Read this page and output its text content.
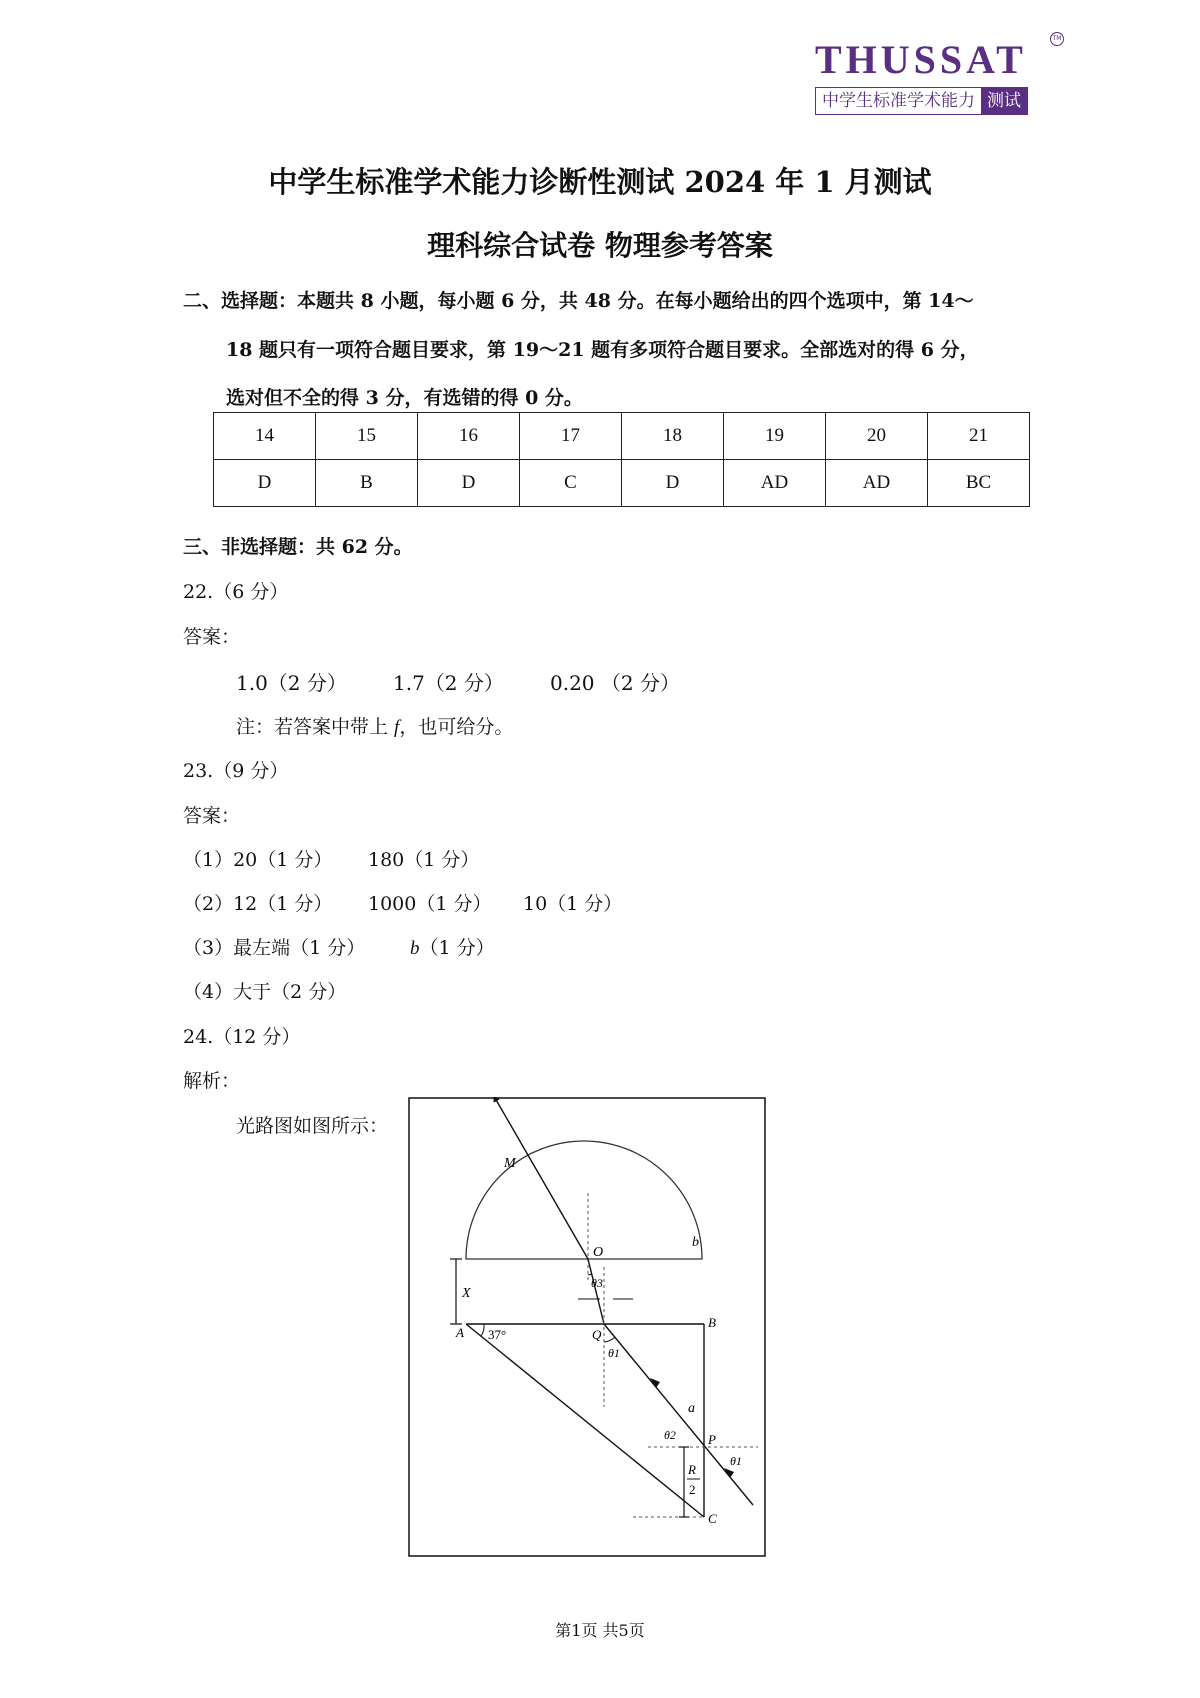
THUSSAT	TM
中学生标准学术能力 测试
中学生标准学术能力诊断性测试 2024 年 1 月测试
理科综合试卷 物理参考答案
二、选择题：本题共 8 小题，每小题 6 分，共 48 分。在每小题给出的四个选项中，第 14～
18 题只有一项符合题目要求，第 19～21 题有多项符合题目要求。全部选对的得 6 分，
选对但不全的得 3 分，有选错的得 0 分。
14	15	16	17	18	19	20	21
D	B	D	C	D	AD	AD	BC
三、非选择题：共 62 分。
22.（6 分）
答案：
1.0（2 分） 1.7（2 分） 0.20 （2 分）
注：若答案中带上 f，也可给分。
23.（9 分）
答案：
（1）20（1 分） 180（1 分）
（2）12（1 分） 1000（1 分） 10（1 分）
（3）最左端（1 分） b（1 分）
（4）大于（2 分）
24.（12 分）
解析：
光路图如图所示：
M
O
b
X
A 37°	Q
B
θ3
θ1
a
θ2 P
θ1
R
2
C
第1页 共5页
